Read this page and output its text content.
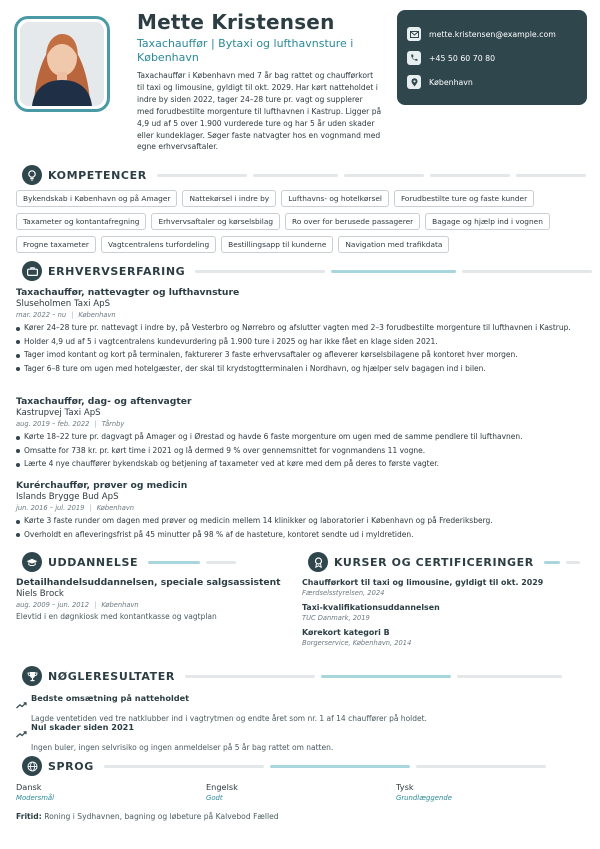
Mette Kristensen
Taxachauffør | Bytaxi og lufthavnsture i København
Taxachauffør i København med 7 år bag rattet og chaufførkort til taxi og limousine, gyldigt til okt. 2029. Har kørt natteholdet i indre by siden 2022, tager 24–28 ture pr. vagt og supplerer med forudbestilte morgenture til lufthavnen i Kastrup. Ligger på 4,9 ud af 5 over 1.900 vurderede ture og har 5 år uden skader eller kundeklager. Søger faste natvagter hos en vognmand med egne erhvervsaftaler.
mette.kristensen@example.com
+45 50 60 70 80
København
KOMPETENCER
Bykendskab i København og på Amager	Nattekørsel i indre by	Lufthavns- og hotelkørsel	Forudbestilte ture og faste kunder
Taxameter og kontantafregning	Erhvervsaftaler og kørselsbilag	Ro over for berusede passagerer	Bagage og hjælp ind i vognen
Frogne taxameter	Vagtcentralens turfordeling	Bestillingsapp til kunderne	Navigation med trafikdata
ERHVERVSERFARING
Taxachauffør, nattevagter og lufthavnsture
Sluseholmen Taxi ApS
mar. 2022 – nu | København
Kører 24–28 ture pr. nattevagt i indre by, på Vesterbro og Nørrebro og afslutter vagten med 2–3 forudbestilte morgenture til lufthavnen i Kastrup.
Holder 4,9 ud af 5 i vagtcentralens kundevurdering på 1.900 ture i 2025 og har ikke fået en klage siden 2021.
Tager imod kontant og kort på terminalen, fakturerer 3 faste erhvervsaftaler og afleverer kørselsbilagene på kontoret hver morgen.
Tager 6–8 ture om ugen med hotelgæster, der skal til krydstogtterminalen i Nordhavn, og hjælper selv bagagen ind i bilen.
Taxachauffør, dag- og aftenvagter
Kastrupvej Taxi ApS
aug. 2019 – feb. 2022 | Tårnby
Kørte 18–22 ture pr. dagvagt på Amager og i Ørestad og havde 6 faste morgenture om ugen med de samme pendlere til lufthavnen.
Omsatte for 738 kr. pr. kørt time i 2021 og lå dermed 9 % over gennemsnittet for vognmandens 11 vogne.
Lærte 4 nye chauffører bykendskab og betjening af taxameter ved at køre med dem på deres to første vagter.
Kurérchauffør, prøver og medicin
Islands Brygge Bud ApS
jun. 2016 – jul. 2019 | København
Kørte 3 faste runder om dagen med prøver og medicin mellem 14 klinikker og laboratorier i København og på Frederiksberg.
Overholdt en afleveringsfrist på 45 minutter på 98 % af de hasteture, kontoret sendte ud i myldretiden.
UDDANNELSE
Detailhandelsuddannelsen, speciale salgsassistent
Niels Brock
aug. 2009 – jun. 2012 | København
Elevtid i en døgnkiosk med kontantkasse og vagtplan
KURSER OG CERTIFICERINGER
Chaufførkort til taxi og limousine, gyldigt til okt. 2029
Færdselsstyrelsen, 2024
Taxi-kvalifikationsuddannelsen
TUC Danmark, 2019
Kørekort kategori B
Borgerservice, København, 2014
NØGLERESULTATER
Bedste omsætning på natteholdet
Lagde ventetiden ved tre natklubber ind i vagtrytmen og endte året som nr. 1 af 14 chauffører på holdet.
Nul skader siden 2021
Ingen buler, ingen selvrisiko og ingen anmeldelser på 5 år bag rattet om natten.
SPROG
Dansk
Modersmål
Engelsk
Godt
Tysk
Grundlæggende
Fritid: Roning i Sydhavnen, bagning og løbeture på Kalvebod Fælled
